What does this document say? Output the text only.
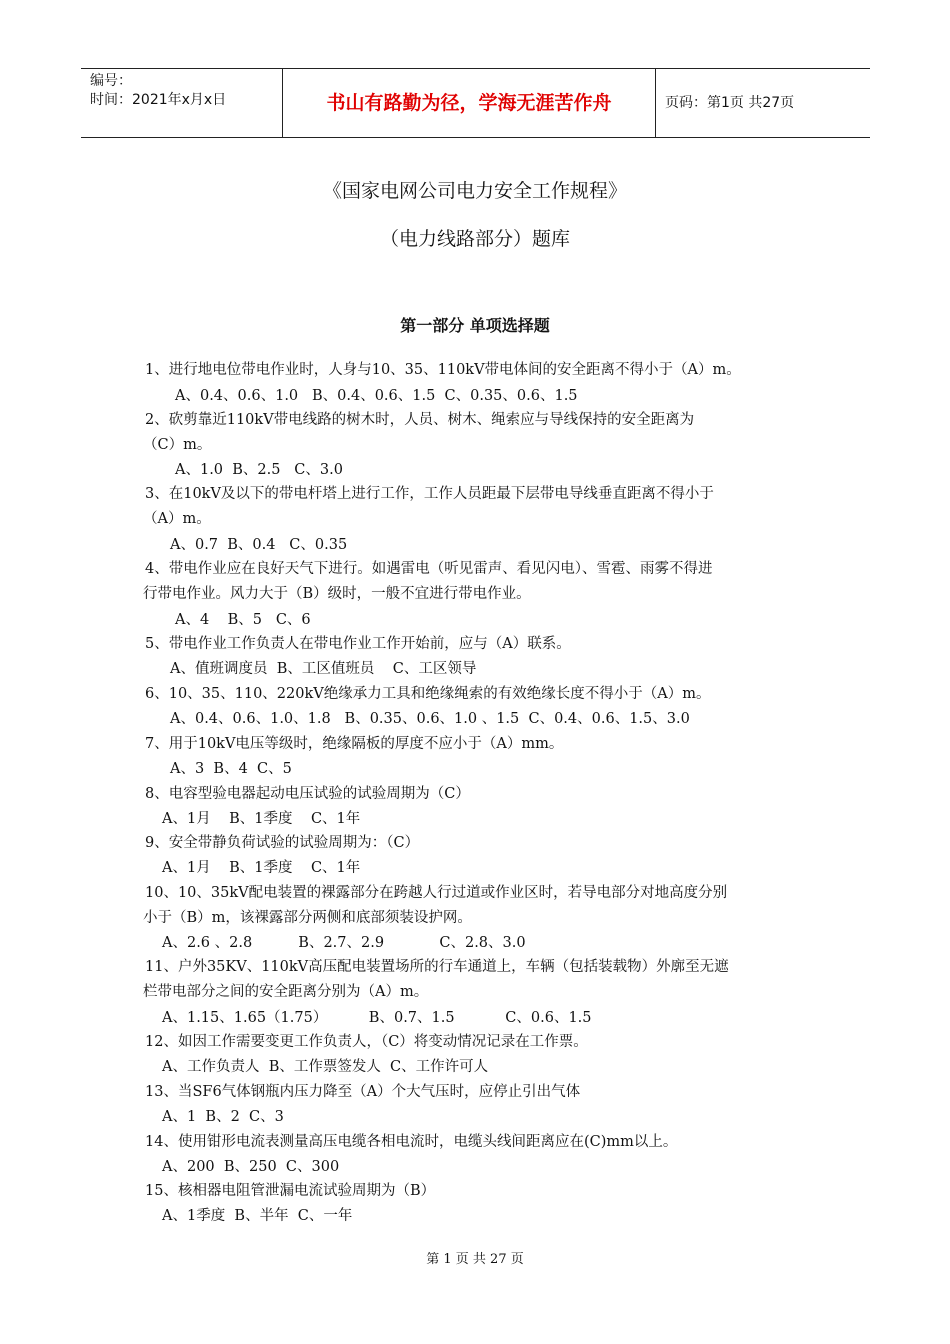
编号：
时间：2021年x月x日	书山有路勤为径，学海无涯苦作舟	页码：第1页 共27页
《国家电网公司电力安全工作规程》
（电力线路部分）题库
第一部分 单项选择题
1、进行地电位带电作业时，人身与10、35、110kV带电体间的安全距离不得小于（A）m。
A、0.4、0.6、1.0   B、0.4、0.6、1.5  C、0.35、0.6、1.5
2、砍剪靠近110kV带电线路的树木时，人员、树木、绳索应与导线保持的安全距离为
（C）m。
A、1.0  B、2.5   C、3.0
3、在10kV及以下的带电杆塔上进行工作，工作人员距最下层带电导线垂直距离不得小于
（A）m。
A、0.7  B、0.4   C、0.35
4、带电作业应在良好天气下进行。如遇雷电（听见雷声、看见闪电）、雪雹、雨雾不得进
行带电作业。风力大于（B）级时，一般不宜进行带电作业。
A、4    B、5   C、6
5、带电作业工作负责人在带电作业工作开始前，应与（A）联系。
A、值班调度员  B、工区值班员    C、工区领导
6、10、35、110、220kV绝缘承力工具和绝缘绳索的有效绝缘长度不得小于（A）m。
A、0.4、0.6、1.0、1.8   B、0.35、0.6、1.0 、1.5  C、0.4、0.6、1.5、3.0
7、用于10kV电压等级时，绝缘隔板的厚度不应小于（A）mm。
A、3  B、4  C、5
8、电容型验电器起动电压试验的试验周期为（C）
A、1月    B、1季度    C、1年
9、安全带静负荷试验的试验周期为：（C）
A、1月    B、1季度    C、1年
10、10、35kV配电装置的裸露部分在跨越人行过道或作业区时，若导电部分对地高度分别
小于（B）m，该裸露部分两侧和底部须装设护网。
A、2.6 、2.8          B、2.7、2.9            C、2.8、3.0
11、户外35KV、110kV高压配电装置场所的行车通道上，车辆（包括装载物）外廓至无遮
栏带电部分之间的安全距离分别为（A）m。
A、1.15、1.65（1.75）         B、0.7、1.5           C、0.6、1.5
12、如因工作需要变更工作负责人，（C）将变动情况记录在工作票。
A、工作负责人  B、工作票签发人  C、工作许可人
13、当SF6气体钢瓶内压力降至（A）个大气压时，应停止引出气体
A、1  B、2  C、3
14、使用钳形电流表测量高压电缆各相电流时，电缆头线间距离应在(C)mm以上。
A、200  B、250  C、300
15、核相器电阻管泄漏电流试验周期为（B）
A、1季度  B、半年  C、一年
第 1 页 共 27 页
